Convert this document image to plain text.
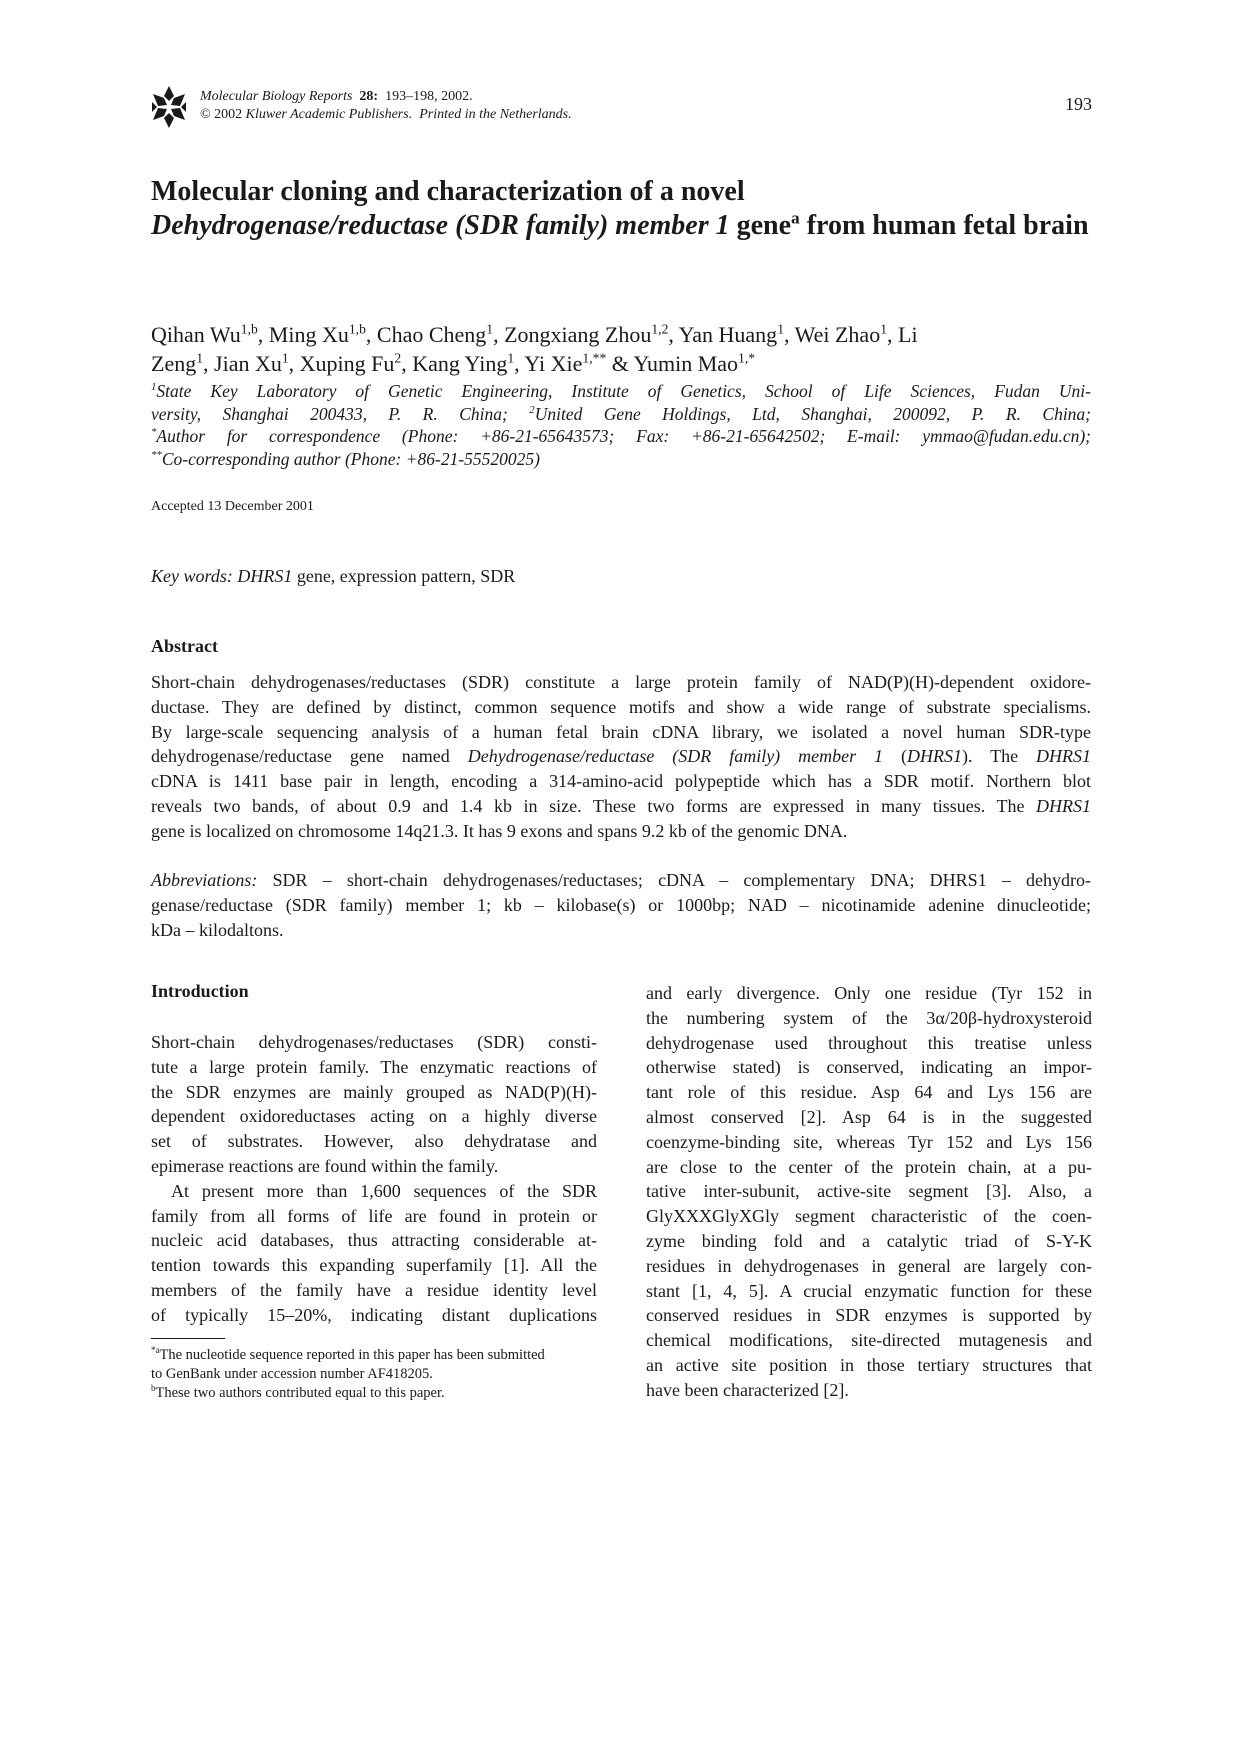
Molecular Biology Reports 28: 193–198, 2002.
© 2002 Kluwer Academic Publishers. Printed in the Netherlands.
193
Molecular cloning and characterization of a novel
Dehydrogenase/reductase (SDR family) member 1 gene$^a$ from human fetal brain
Qihan Wu$^{1,b}$, Ming Xu$^{1,b}$, Chao Cheng$^1$, Zongxiang Zhou$^{1,2}$, Yan Huang$^1$, Wei Zhao$^1$, Li
Zeng$^1$, Jian Xu$^1$, Xuping Fu$^2$, Kang Ying$^1$, Yi Xie$^{1,**}$ & Yumin Mao$^{1,*}$
$^1$State Key Laboratory of Genetic Engineering, Institute of Genetics, School of Life Sciences, Fudan Uni-
versity, Shanghai 200433, P. R. China; $^2$United Gene Holdings, Ltd, Shanghai, 200092, P. R. China;
*Author for correspondence (Phone: +86-21-65643573; Fax: +86-21-65642502; E-mail: ymmao@fudan.edu.cn);
**Co-corresponding author (Phone: +86-21-55520025)
Accepted 13 December 2001
Key words: DHRS1 gene, expression pattern, SDR
Abstract
Short-chain dehydrogenases/reductases (SDR) constitute a large protein family of NAD(P)(H)-dependent oxidore-
ductase. They are defined by distinct, common sequence motifs and show a wide range of substrate specialisms.
By large-scale sequencing analysis of a human fetal brain cDNA library, we isolated a novel human SDR-type
dehydrogenase/reductase gene named Dehydrogenase/reductase (SDR family) member 1 (DHRS1). The DHRS1
cDNA is 1411 base pair in length, encoding a 314-amino-acid polypeptide which has a SDR motif. Northern blot
reveals two bands, of about 0.9 and 1.4 kb in size. These two forms are expressed in many tissues. The DHRS1
gene is localized on chromosome 14q21.3. It has 9 exons and spans 9.2 kb of the genomic DNA.
Abbreviations: SDR – short-chain dehydrogenases/reductases; cDNA – complementary DNA; DHRS1 – dehydro-
genase/reductase (SDR family) member 1; kb – kilobase(s) or 1000bp; NAD – nicotinamide adenine dinucleotide;
kDa – kilodaltons.
Introduction
Short-chain dehydrogenases/reductases (SDR) consti-
tute a large protein family. The enzymatic reactions of
the SDR enzymes are mainly grouped as NAD(P)(H)-
dependent oxidoreductases acting on a highly diverse
set of substrates. However, also dehydratase and
epimerase reactions are found within the family.
At present more than 1,600 sequences of the SDR
family from all forms of life are found in protein or
nucleic acid databases, thus attracting considerable at-
tention towards this expanding superfamily [1]. All the
members of the family have a residue identity level
of typically 15–20%, indicating distant duplications
and early divergence. Only one residue (Tyr 152 in
the numbering system of the 3α/20β-hydroxysteroid
dehydrogenase used throughout this treatise unless
otherwise stated) is conserved, indicating an impor-
tant role of this residue. Asp 64 and Lys 156 are
almost conserved [2]. Asp 64 is in the suggested
coenzyme-binding site, whereas Tyr 152 and Lys 156
are close to the center of the protein chain, at a pu-
tative inter-subunit, active-site segment [3]. Also, a
GlyXXXGlyXGly segment characteristic of the coen-
zyme binding fold and a catalytic triad of S-Y-K
residues in dehydrogenases in general are largely con-
stant [1, 4, 5]. A crucial enzymatic function for these
conserved residues in SDR enzymes is supported by
chemical modifications, site-directed mutagenesis and
an active site position in those tertiary structures that
have been characterized [2].
$^{*a}$The nucleotide sequence reported in this paper has been submitted
to GenBank under accession number AF418205.
$^b$These two authors contributed equal to this paper.
